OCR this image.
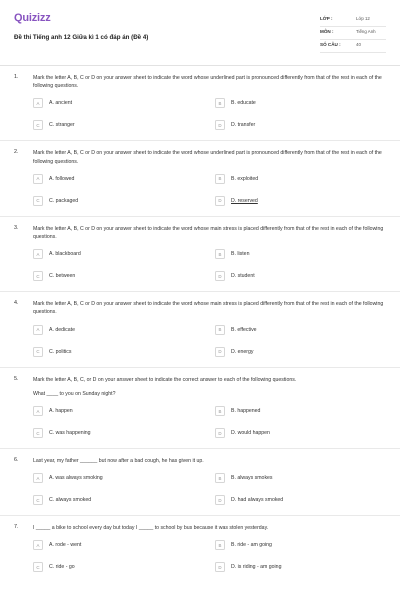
Quizizz
Đề thi Tiếng anh 12 Giữa kì 1 có đáp án (Đề 4)
LỚP :	Lớp 12
MÔN :	Tiếng Anh
SỐ CÂU :	40
1.	Mark the letter A, B, C or D on your answer sheet to indicate the word whose underlined part is pronounced differently from that of the rest in each of the following questions.
A	A. ancient	B	B. educate
C	C. stranger	D	D. transfer
2.	Mark the letter A, B, C or D on your answer sheet to indicate the word whose underlined part is pronounced differently from that of the rest in each of the following questions.
A	A. followed	B	B. exploited
C	C. packaged	D	D. reserved
3.	Mark the letter A, B, C or D on your answer sheet to indicate the word whose main stress is placed differently from that of the rest in each of the following questions.
A	A. blackboard	B	B. listen
C	C. between	D	D. student
4.	Mark the letter A, B, C or D on your answer sheet to indicate the word whose main stress is placed differently from that of the rest in each of the following questions.
A	A. dedicate	B	B. effective
C	C. politics	D	D. energy
5.	Mark the letter A, B, C, or D on your answer sheet to indicate the correct answer to each of the following questions.
What ____ to you on Sunday night?
A	A. happen	B	B. happened
C	C. was happening	D	D. would happen
6.	Last year, my father ______ but now after a bad cough, he has given it up.
A	A. was always smoking	B	B. always smokes
C	C. always smoked	D	D. had always smoked
7.	I _____ a bike to school every day but today I _____ to school by bus because it was stolen yesterday.
A	A. rode - went	B	B. ride - am going
C	C. ride - go	D	D. is riding - am going
